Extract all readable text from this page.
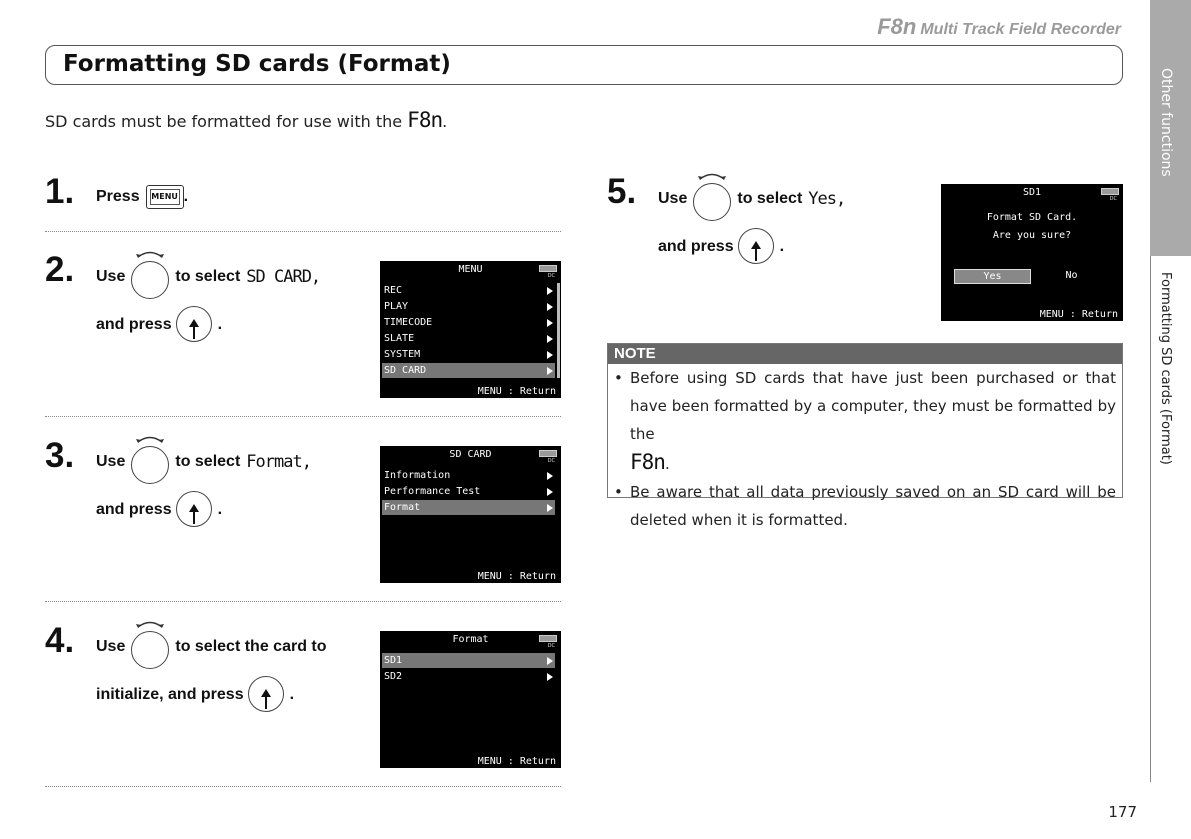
F8n Multi Track Field Recorder
Formatting SD cards (Format)
SD cards must be formatted for use with the F8n.	Other functions
Formatting SD cards (Format)
177
1. Press MENU .
2. Use	to select SD CARD,
and press	.
MENU
DC
REC
PLAY
TIMECODE
SLATE
SYSTEM
SD CARD
MENU : Return
3. Use	to select Format,
and press	.
SD CARD
DC
Information
Performance Test
Format
MENU : Return
4. Use	to select the card to
initialize, and press	.
Format
DC
SD1
SD2
MENU : Return
5. Use	to select Yes,
and press	.
SD1
DC
Format SD Card.
Are you sure?
Yes	No
MENU : Return
NOTE

• Before using SD cards that have just been purchased or that have been formatted by a computer, they must be formatted by the
F8n.

• Be aware that all data previously saved on an SD card will be deleted when it is formatted.
